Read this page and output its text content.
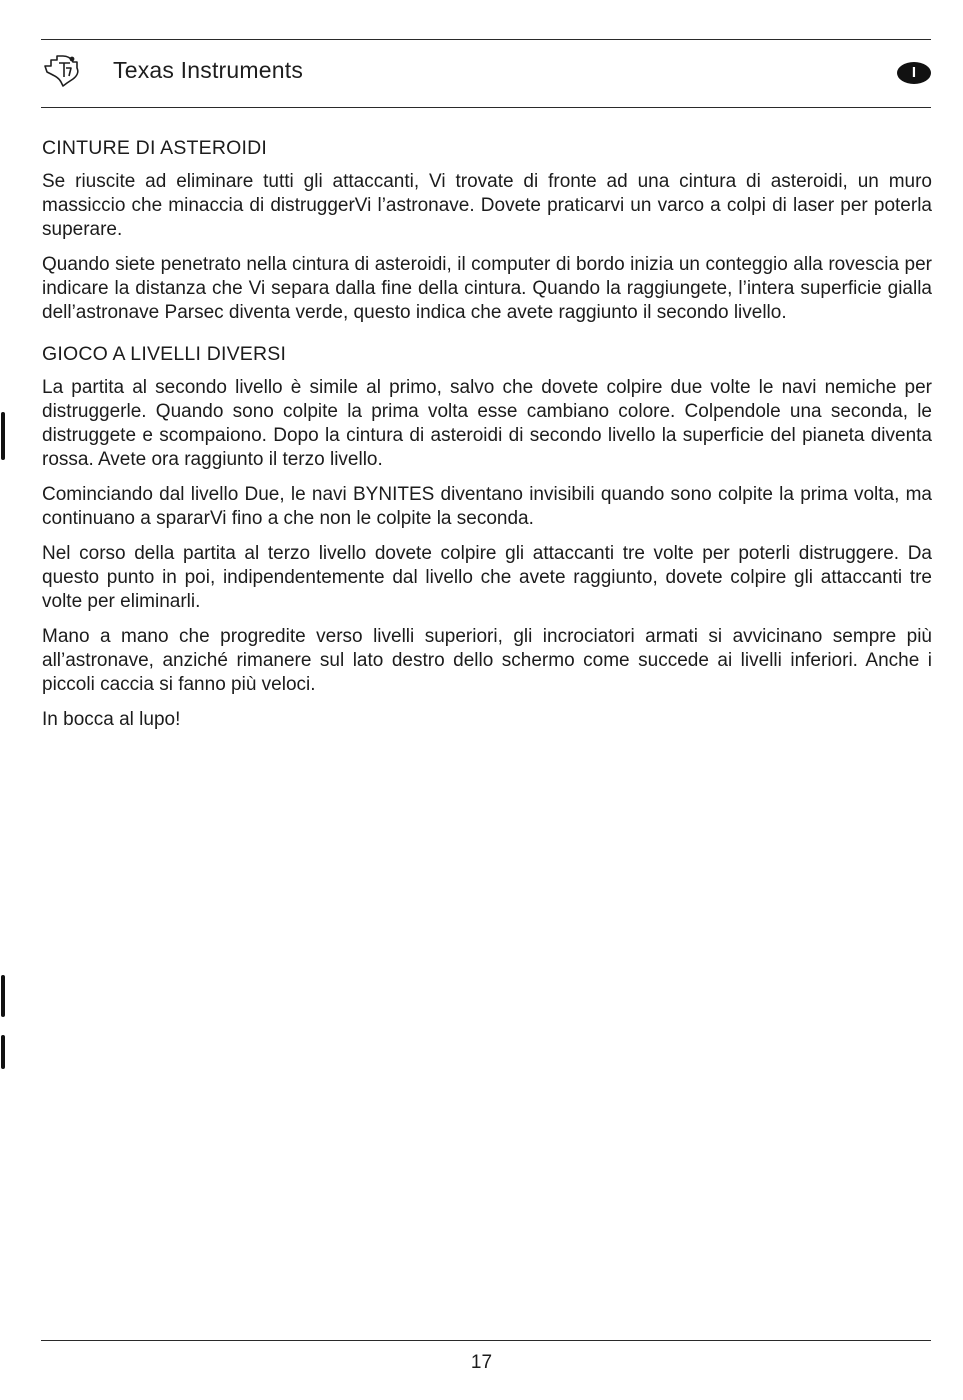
Texas Instruments	I
CINTURE DI ASTEROIDI

Se riuscite ad eliminare tutti gli attaccanti, Vi trovate di fronte ad una cintura di asteroidi, un muro massiccio che minaccia di distruggerVi l’astronave. Dovete praticarvi un varco a colpi di laser per poterla superare.

Quando siete penetrato nella cintura di asteroidi, il computer di bordo inizia un conteggio alla rovescia per indicare la distanza che Vi separa dalla fine della cintura. Quando la raggiungete, l’intera superficie gialla dell’astronave Parsec diventa verde, questo indica che avete raggiunto il secondo livello.

GIOCO A LIVELLI DIVERSI

La partita al secondo livello è simile al primo, salvo che dovete colpire due volte le navi nemiche per distruggerle. Quando sono colpite la prima volta esse cambiano colore. Colpendole una seconda, le distruggete e scompaiono. Dopo la cintura di asteroidi di secondo livello la superficie del pianeta diventa rossa. Avete ora raggiunto il terzo livello.

Cominciando dal livello Due, le navi BYNITES diventano invisibili quando sono colpite la prima volta, ma continuano a spararVi fino a che non le colpite la seconda.

Nel corso della partita al terzo livello dovete colpire gli attaccanti tre volte per poterli distruggere. Da questo punto in poi, indipendentemente dal livello che avete raggiunto, dovete colpire gli attaccanti tre volte per eliminarli.

Mano a mano che progredite verso livelli superiori, gli incrociatori armati si avvicinano sempre più all’astronave, anziché rimanere sul lato destro dello schermo come succede ai livelli inferiori. Anche i piccoli caccia si fanno più veloci.

In bocca al lupo!

17
